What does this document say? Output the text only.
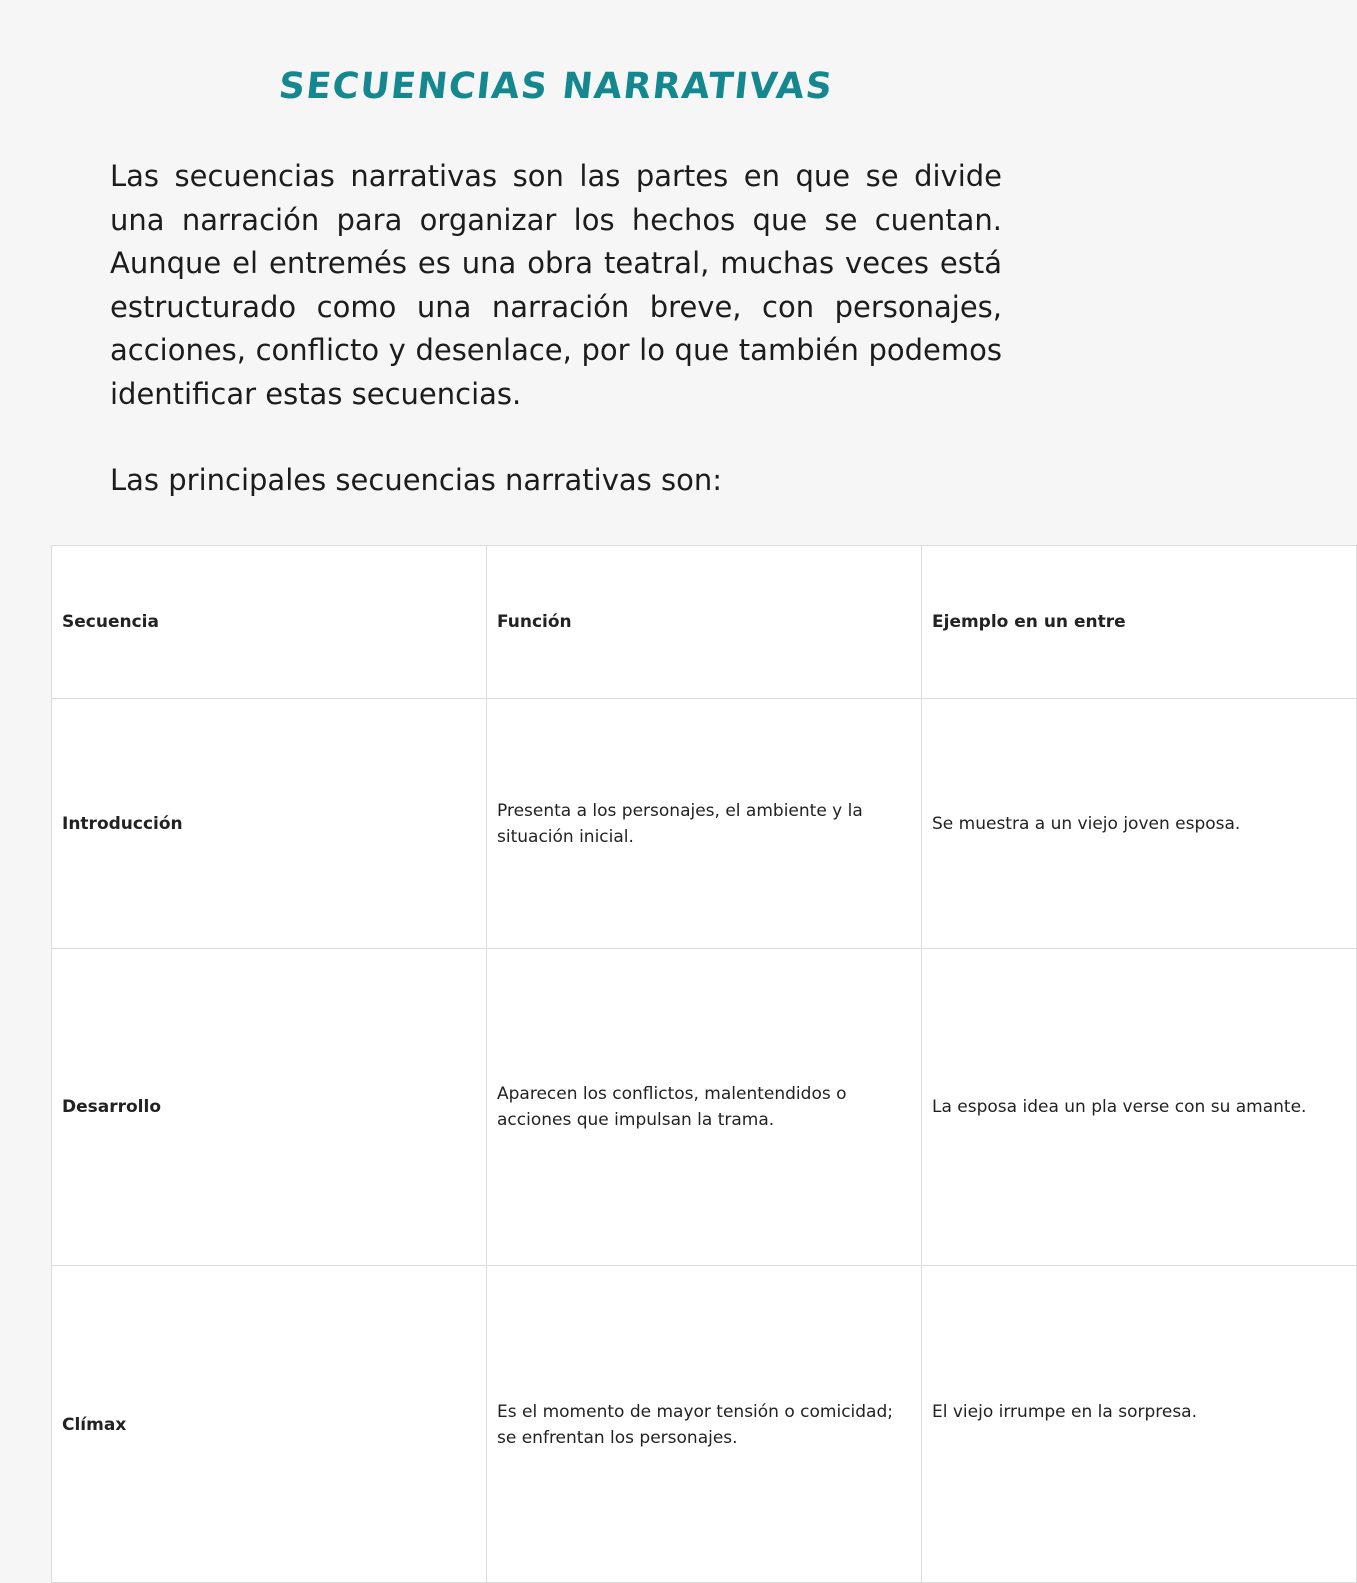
SECUENCIAS NARRATIVAS

Las secuencias narrativas son las partes en que se divide una narración para organizar los hechos que se cuentan. Aunque el entremés es una obra teatral, muchas veces está estructurado como una narración breve, con personajes, acciones, conflicto y desenlace, por lo que también podemos identificar estas secuencias.

Las principales secuencias narrativas son:

Secuencia	Función	Ejemplo en un entre
Introducción	Presenta a los personajes, el ambiente y la situación inicial.	Se muestra a un viejo joven esposa.
Desarrollo	Aparecen los conflictos, malentendidos o acciones que impulsan la trama.	La esposa idea un pla verse con su amante.
Clímax	Es el momento de mayor tensión o comicidad; se enfrentan los personajes.	El viejo irrumpe en la sorpresa.
